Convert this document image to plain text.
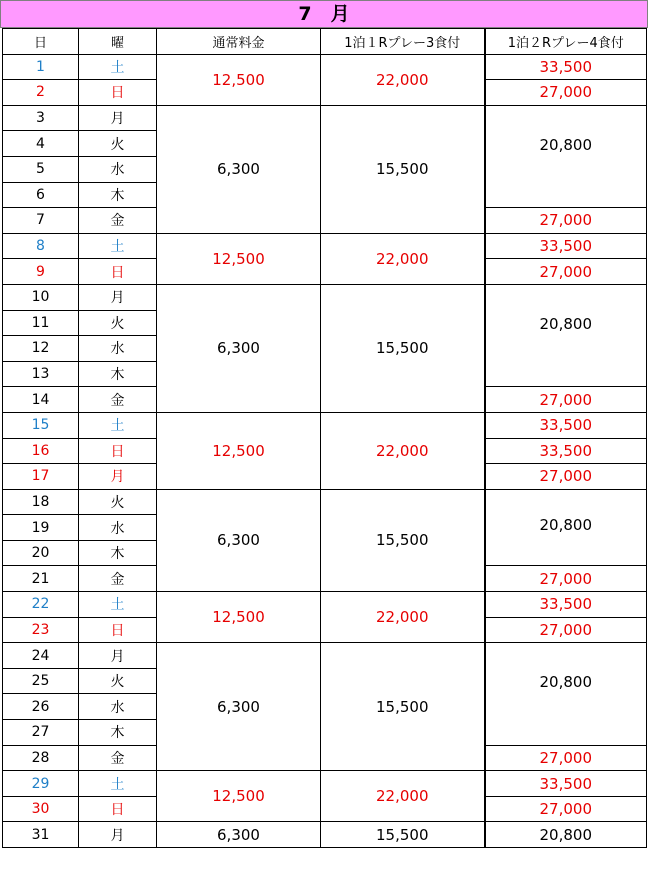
7　月
日	曜	通常料金	1泊１Rプレー3食付	1泊２Rプレー4食付
1	土	12,500	22,000	33,500
2	日			27,000
3	月	6,300	15,500	20,800
4	火			
5	水			
6	木			
7	金			27,000
8	土	12,500	22,000	33,500
9	日			27,000
10	月	6,300	15,500	20,800
11	火			
12	水			
13	木			
14	金			27,000
15	土	12,500	22,000	33,500
16	日			33,500
17	月			27,000
18	火	6,300	15,500	20,800
19	水			
20	木			
21	金			27,000
22	土	12,500	22,000	33,500
23	日			27,000
24	月	6,300	15,500	20,800
25	火			
26	水			
27	木			
28	金			27,000
29	土	12,500	22,000	33,500
30	日			27,000
31	月	6,300	15,500	20,800
